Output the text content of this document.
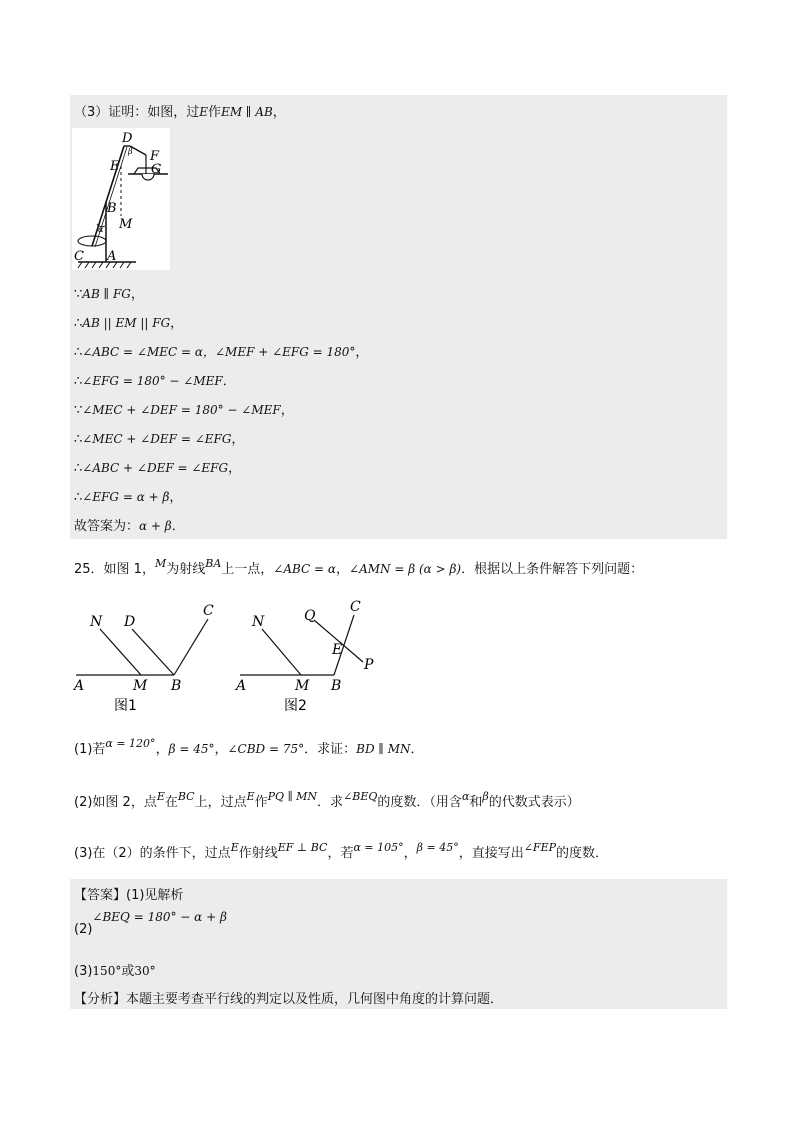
（3）证明：如图，过E作EM ∥ AB，
D
E
F
G
B
M
C A
α
β
∵AB ∥ FG，
∴AB || EM || FG，
∴∠ABC = ∠MEC = α，∠MEF + ∠EFG = 180°，
∴∠EFG = 180° − ∠MEF．
∵∠MEC + ∠DEF = 180° − ∠MEF，
∴∠MEC + ∠DEF = ∠EFG，
∴∠ABC + ∠DEF = ∠EFG，
∴∠EFG = α + β，
故答案为：α + β．
25．如图 1，$^M$为射线$^{BA}$上一点，∠ABC = α，∠AMN = β (α > β)．根据以上条件解答下列问题：
N D
C
A	M B
图1
N	Q
C
E
P
A	M B
图2
(1)若$^{\alpha = 120^\circ}$，β = 45°，∠CBD = 75°．求证：BD ∥ MN．
(2)如图 2，点$^E$在$^{BC}$上，过点$^E$作$^{PQ \parallel MN}$．求$^{\angle BEQ}$的度数．（用含$^\alpha$和$^\beta$的代数式表示）
(3)在（2）的条件下，过点$^E$作射线$^{EF \perp BC}$，若$^{\alpha = 105^\circ}$，$^{\beta = 45^\circ}$，直接写出$^{\angle FEP}$的度数．
【答案】(1)见解析
(2)∠BEQ = 180° − α + β
(3)150°或30°
【分析】本题主要考查平行线的判定以及性质，几何图中角度的计算问题．
